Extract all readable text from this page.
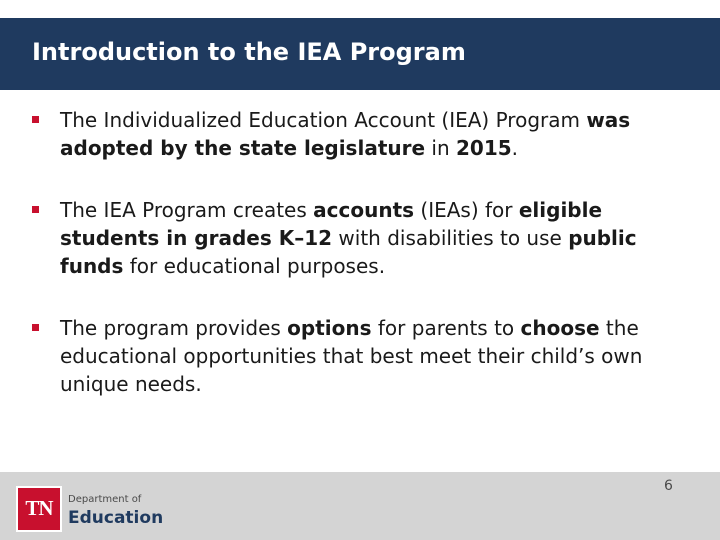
Introduction to the IEA Program
The Individualized Education Account (IEA) Program was adopted by the state legislature in 2015.
The IEA Program creates accounts (IEAs) for eligible students in grades K–12 with disabilities to use public funds for educational purposes.
The program provides options for parents to choose the educational opportunities that best meet their child’s own unique needs.
TN	Department of
Education
6
